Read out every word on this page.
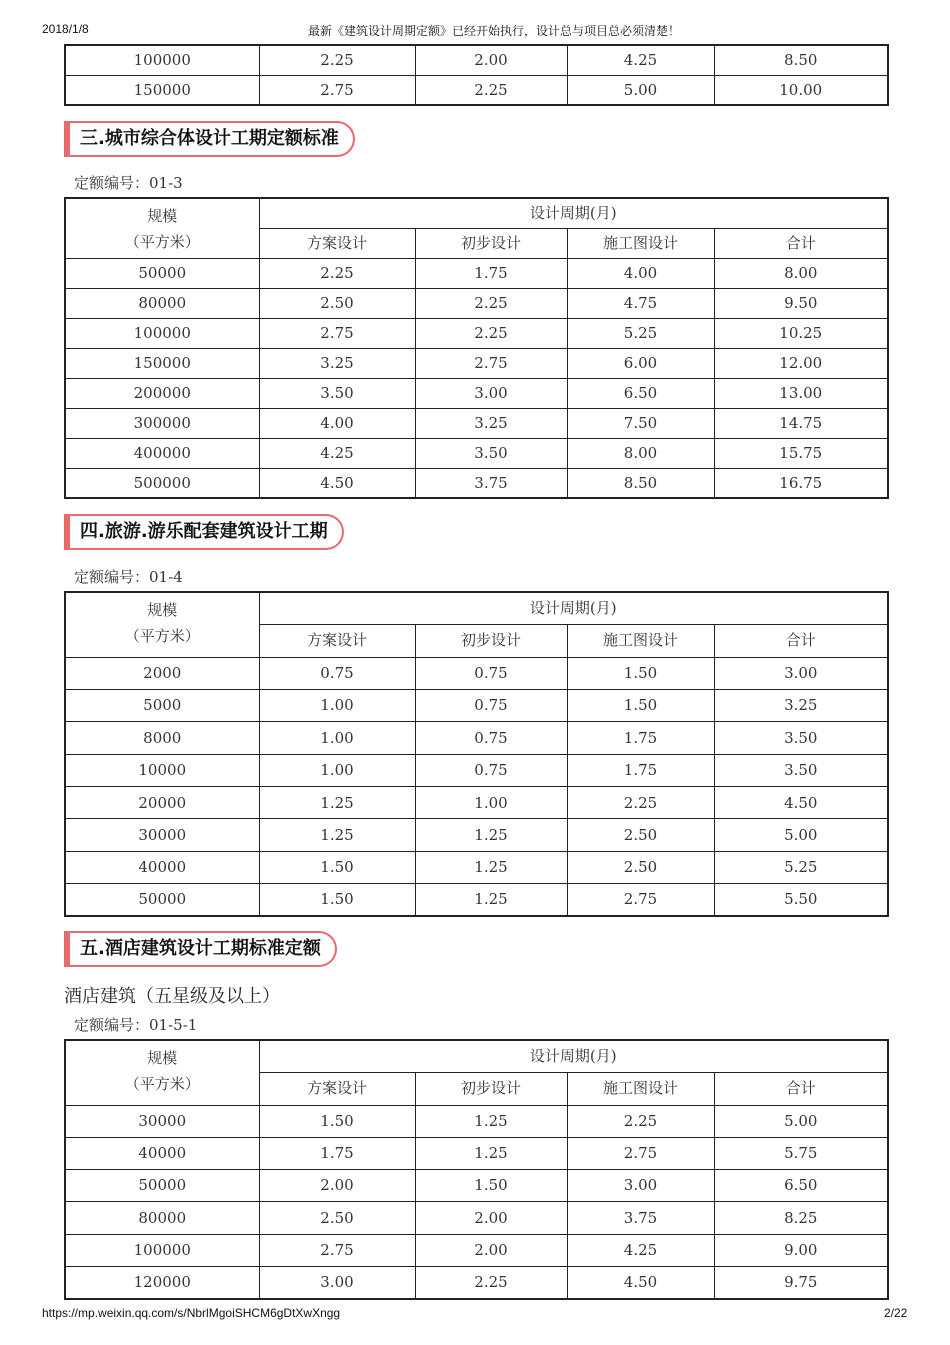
2018/1/8	最新《建筑设计周期定额》已经开始执行，设计总与项目总必须清楚！
100000	2.25	2.00	4.25	8.50
150000	2.75	2.25	5.00	10.00
三.城市综合体设计工期定额标准
定额编号：01-3
规模
（平方米）	设计周期(月)			
	方案设计	初步设计	施工图设计	合计
50000	2.25	1.75	4.00	8.00
80000	2.50	2.25	4.75	9.50
100000	2.75	2.25	5.25	10.25
150000	3.25	2.75	6.00	12.00
200000	3.50	3.00	6.50	13.00
300000	4.00	3.25	7.50	14.75
400000	4.25	3.50	8.00	15.75
500000	4.50	3.75	8.50	16.75
四.旅游.游乐配套建筑设计工期
定额编号：01-4
规模
（平方米）	设计周期(月)			
	方案设计	初步设计	施工图设计	合计
2000	0.75	0.75	1.50	3.00
5000	1.00	0.75	1.50	3.25
8000	1.00	0.75	1.75	3.50
10000	1.00	0.75	1.75	3.50
20000	1.25	1.00	2.25	4.50
30000	1.25	1.25	2.50	5.00
40000	1.50	1.25	2.50	5.25
50000	1.50	1.25	2.75	5.50
五.酒店建筑设计工期标准定额
酒店建筑（五星级及以上）
定额编号：01-5-1
规模
（平方米）	设计周期(月)			
	方案设计	初步设计	施工图设计	合计
30000	1.50	1.25	2.25	5.00
40000	1.75	1.25	2.75	5.75
50000	2.00	1.50	3.00	6.50
80000	2.50	2.00	3.75	8.25
100000	2.75	2.00	4.25	9.00
120000	3.00	2.25	4.50	9.75
https://mp.weixin.qq.com/s/NbrlMgoiSHCM6gDtXwXngg	2/22
